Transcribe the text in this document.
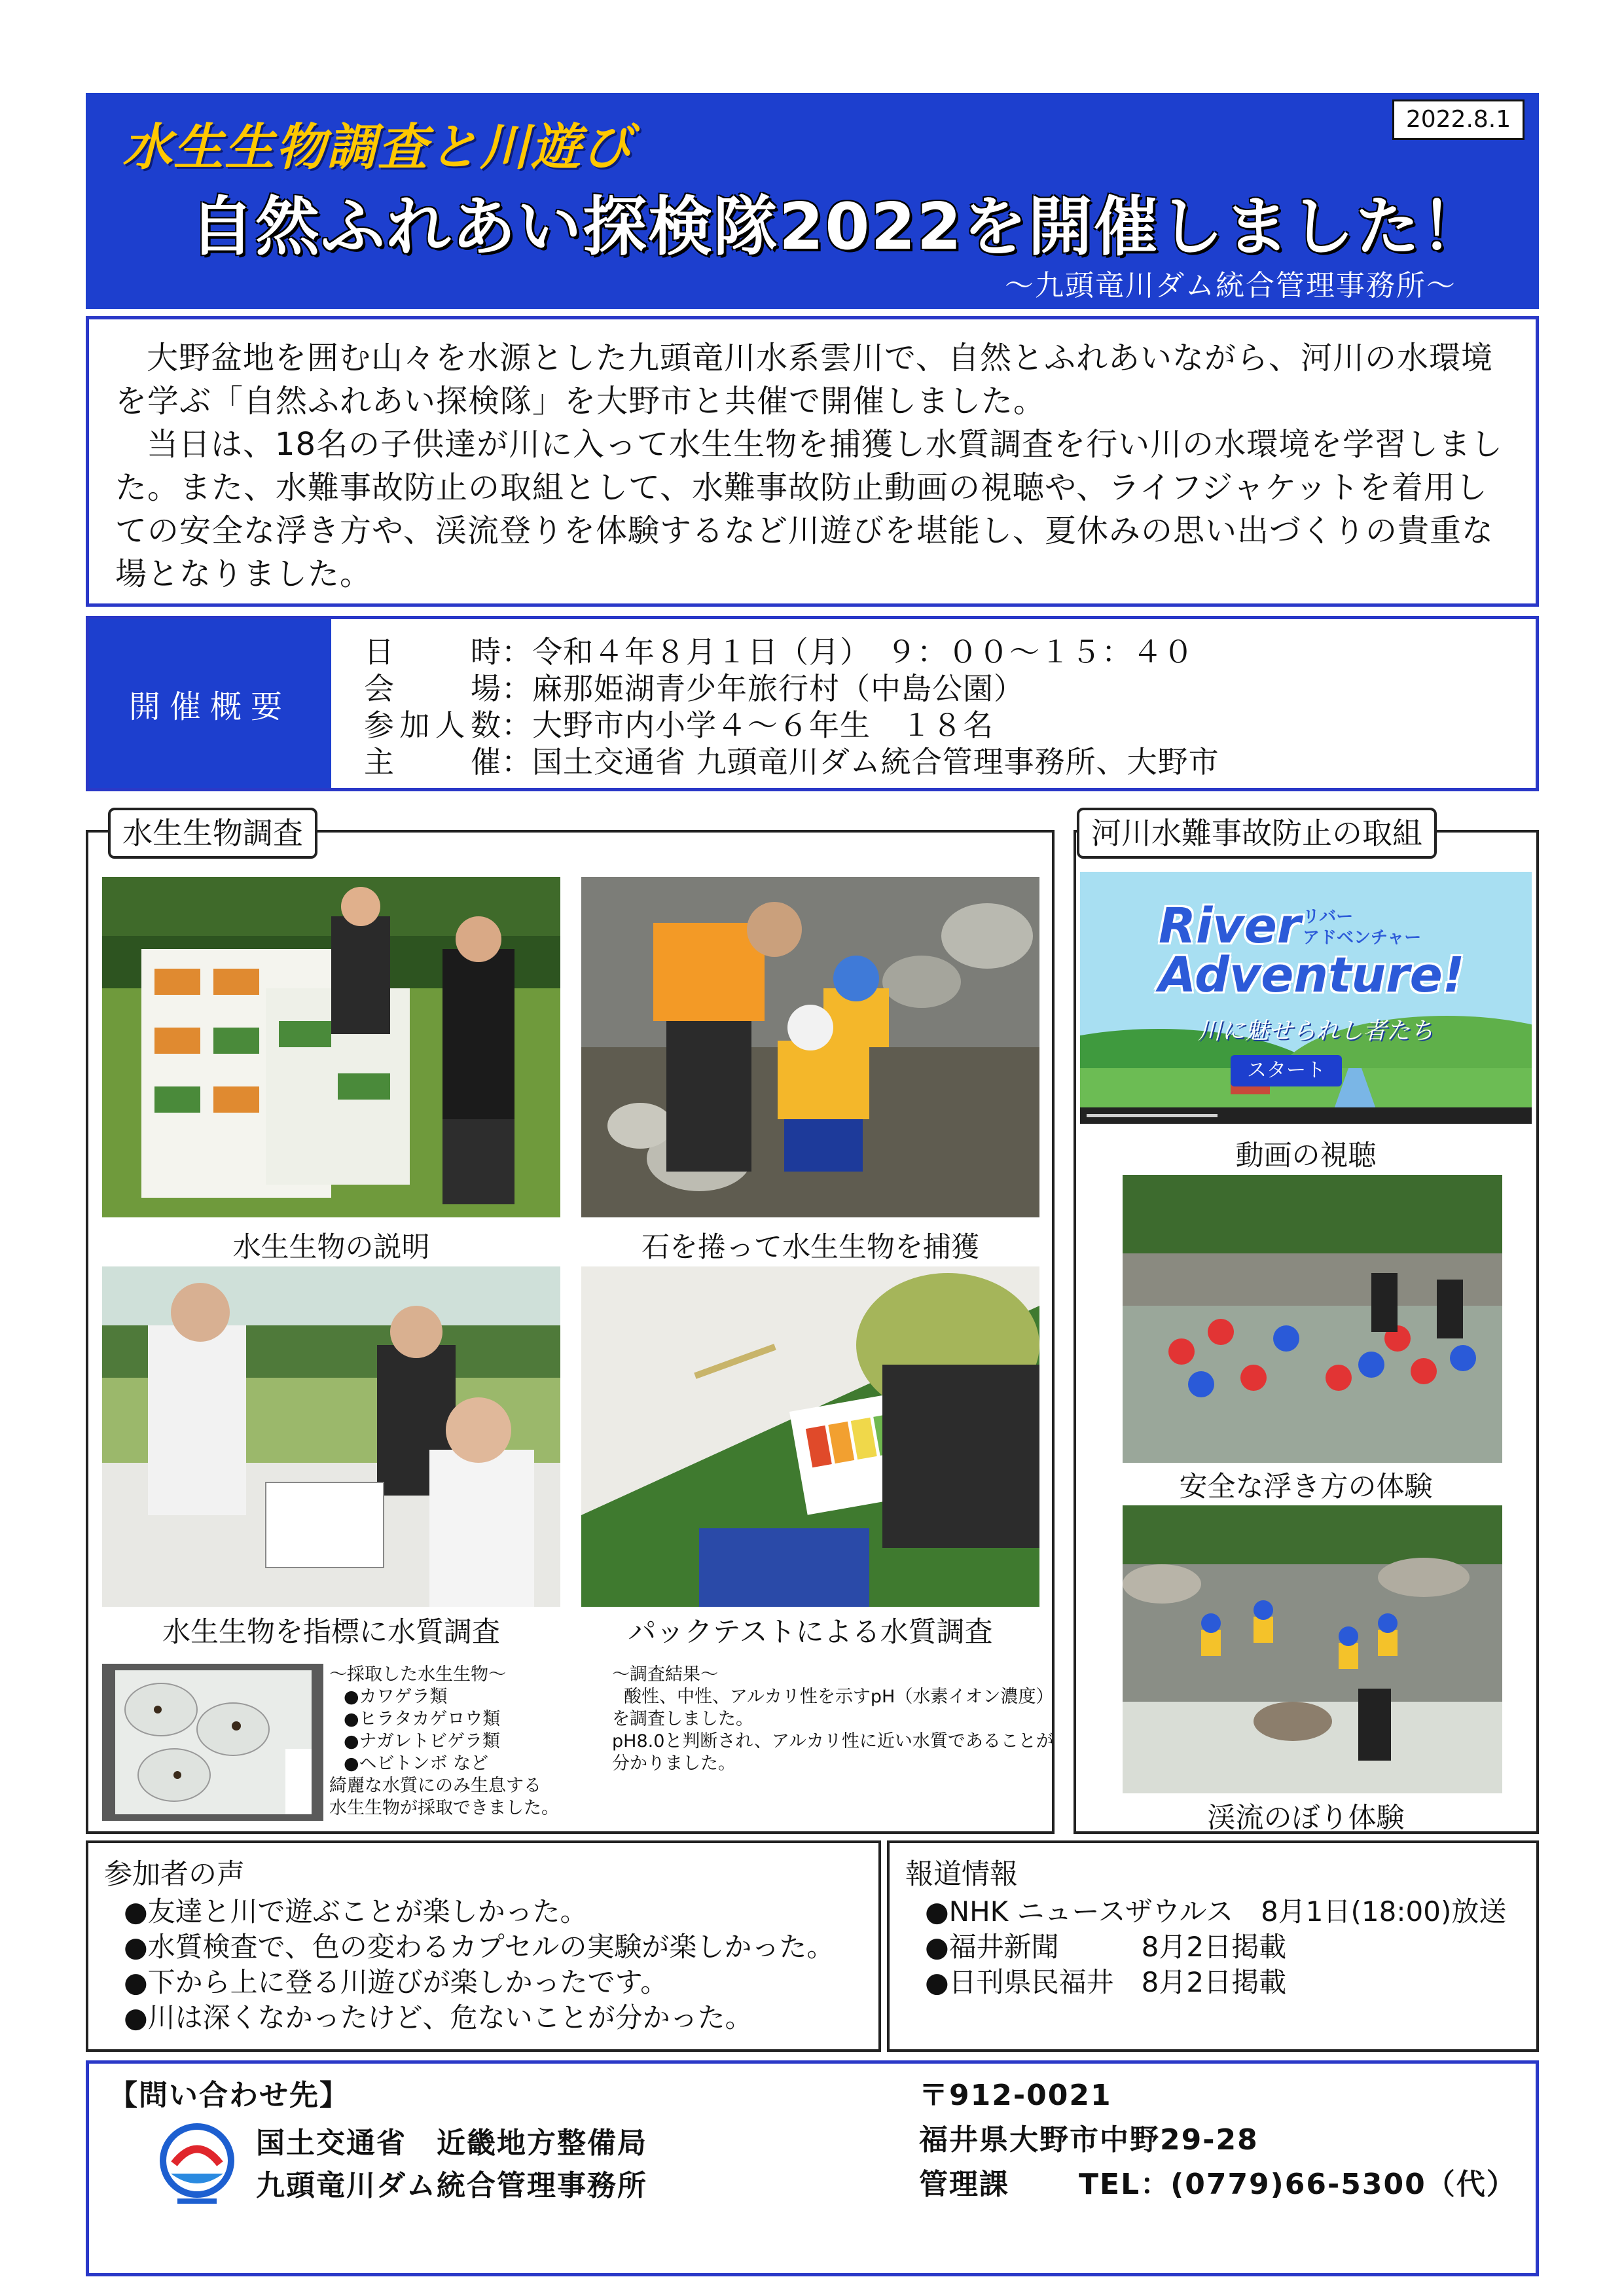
2022.8.1
水生生物調査と川遊び
自然ふれあい探検隊2022を開催しました！
～九頭竜川ダム統合管理事務所～

大野盆地を囲む山々を水源とした九頭竜川水系雲川で、自然とふれあいながら、河川の水環境を学ぶ「自然ふれあい探検隊」を大野市と共催で開催しました。

当日は、18名の子供達が川に入って水生生物を捕獲し水質調査を行い川の水環境を学習しました。また、水難事故防止の取組として、水難事故防止動画の視聴や、ライフジャケットを着用しての安全な浮き方や、渓流登りを体験するなど川遊びを堪能し、夏休みの思い出づくりの貴重な場となりました。

開催概要
日時：令和４年８月１日（月）　９：００～１５：４０
会場：麻那姫湖青少年旅行村（中島公園）
参加人数：大野市内小学４～６年生　１８名
主催：国土交通省 九頭竜川ダム統合管理事務所、大野市
水生生物調査
水生生物の説明	石を捲って水生生物を捕獲
水生生物を指標に水質調査	パックテストによる水質調査
～採取した水生生物～
●カワゲラ類
●ヒラタカゲロウ類
●ナガレトビゲラ類
●ヘビトンボ など
綺麗な水質にのみ生息する
水生生物が採取できました。
～調査結果～
酸性、中性、アルカリ性を示すpH（水素イオン濃度）
を調査しました。
pH8.0と判断され、アルカリ性に近い水質であることが
分かりました。
河川水難事故防止の取組
River リバー
アドベンチャー
Adventure!
川に魅せられし者たち
スタート
動画の視聴
安全な浮き方の体験
渓流のぼり体験
参加者の声
●友達と川で遊ぶことが楽しかった。
●水質検査で、色の変わるカプセルの実験が楽しかった。
●下から上に登る川遊びが楽しかったです。
●川は深くなかったけど、危ないことが分かった。
報道情報
●NHK ニュースザウルス　8月1日(18:00)放送
●福井新聞　　　8月2日掲載
●日刊県民福井　8月2日掲載
【問い合わせ先】
国土交通省　近畿地方整備局
九頭竜川ダム統合管理事務所
〒912-0021
福井県大野市中野29-28
管理課 TEL：(0779)66-5300（代）
